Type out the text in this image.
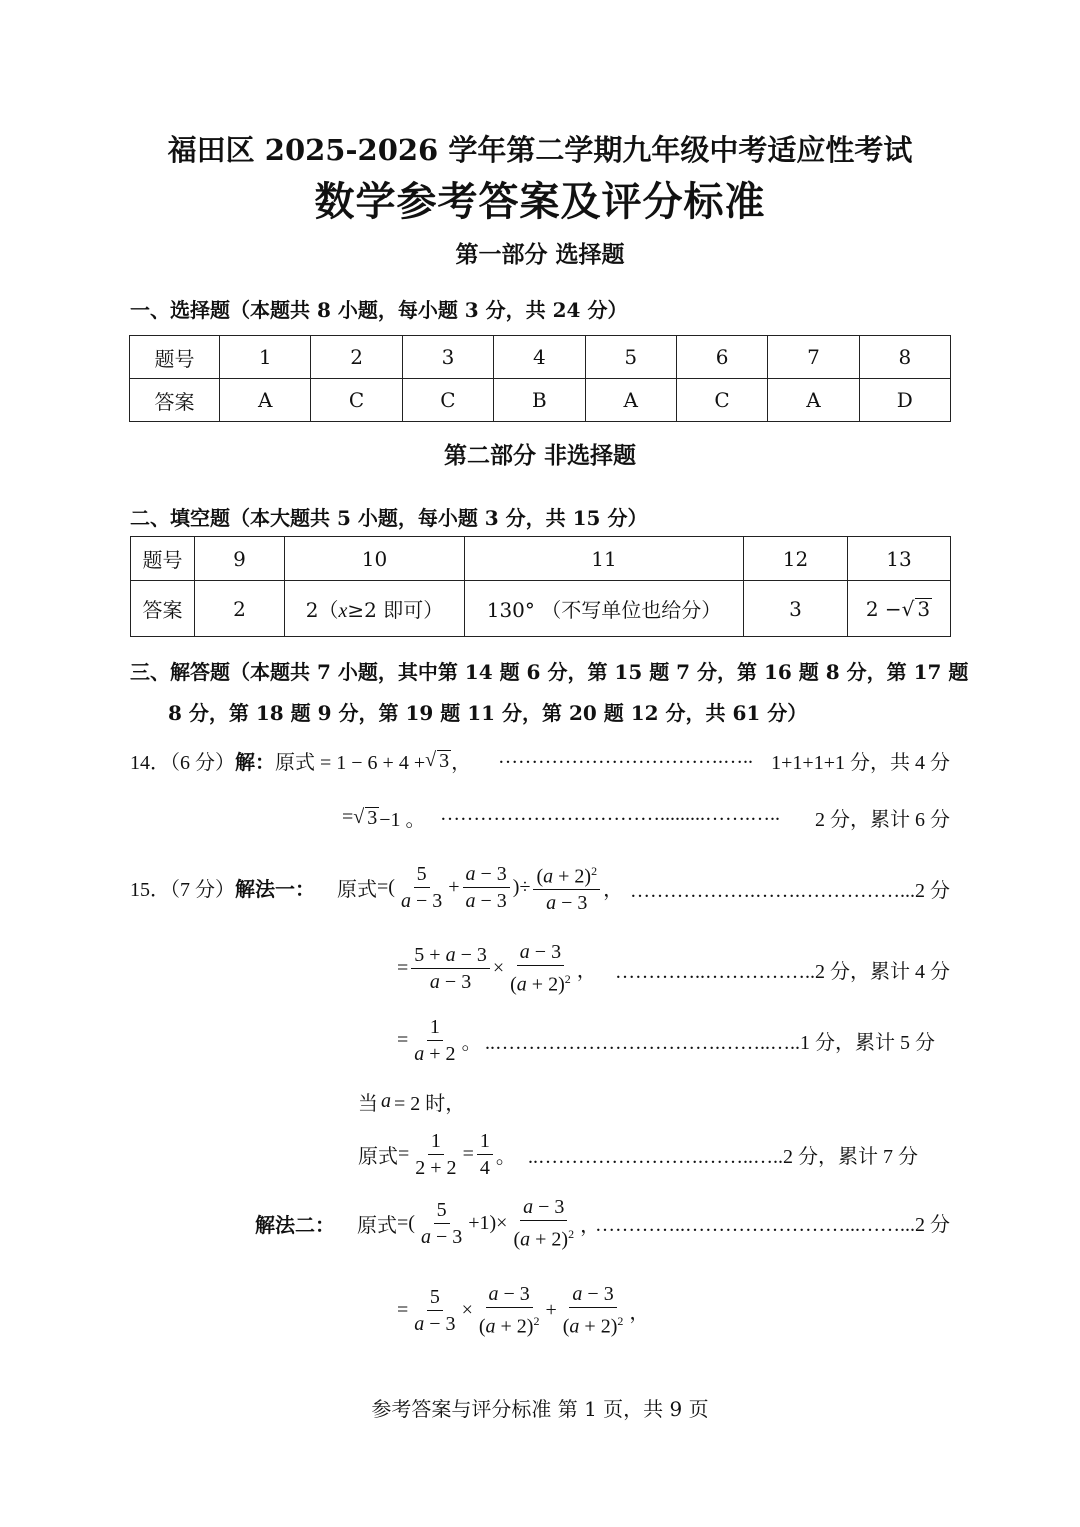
福田区 2025-2026 学年第二学期九年级中考适应性考试
数学参考答案及评分标准
第一部分 选择题
一、选择题（本题共 8 小题，每小题 3 分，共 24 分）
题号	1	2	3	4	5	6	7	8
答案	A	C	C	B	A	C	A	D
第二部分 非选择题
二、填空题（本大题共 5 小题，每小题 3 分，共 15 分）
题号	9	10	11	12	13
答案	2	2（x≥2 即可）	130° （不写单位也给分）	3	2 −√ 3
三、解答题（本题共 7 小题，其中第 14 题 6 分，第 15 题 7 分，第 16 题 8 分，第 17 题
8 分，第 18 题 9 分，第 19 题 11 分，第 20 题 12 分，共 61 分）
14．（6 分） 解： 原式 = 1 − 6 + 4 + √ 3 ， …………………………….….. 1+1+1+1 分，共 4 分
= √ 3 −1 。 …………………………….........…….….. 2 分，累计 6 分
15．（7 分） 解法一： 原式 =( $\frac{5}{a - 3} + \frac{a - 3}{a - 3}$ )÷ $\frac{(a + 2)^2}{a - 3}$ ， ……………….…….……………...2 分
= $\frac{5 + a - 3}{a - 3} \times \frac{a - 3}{(a + 2)^2}$ ， …………..……………..2 分，累计 4 分
= $\frac{1}{a + 2}$ 。 ..…………………………….……..…..1 分，累计 5 分
当 a = 2 时，
原式 = $\frac{1}{2 + 2} = \frac{1}{4}$ 。 ..…………………….……..…..2 分，累计 7 分
解法二： 原式 =( $\frac{5}{a - 3} +1)\times \frac{a - 3}{(a + 2)^2}$ ，
…………..……………………...……...2 分
= $\frac{5}{a - 3} \times \frac{a - 3}{(a + 2)^2} + \frac{a - 3}{(a + 2)^2}$ ，
参考答案与评分标准 第 1 页，共 9 页
